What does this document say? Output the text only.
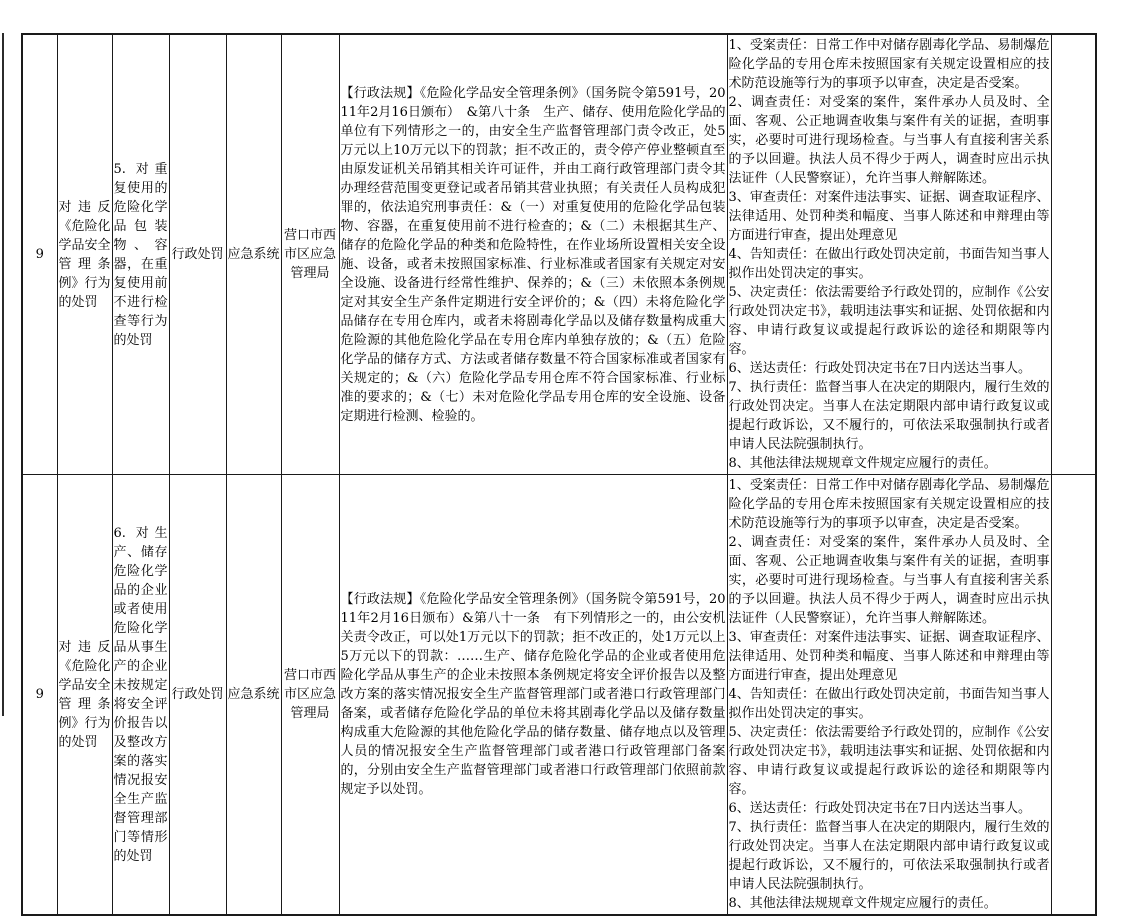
9	对违反《危险化学品安全管理条例》行为的处罚	5. 对重复使用的危险化学品包装物、容器，在重复使用前不进行检查等行为的处罚	行政处罚	应急系统	营口市西市区应急管理局	【行政法规】《危险化学品安全管理条例》（国务院令第591号，2011年2月16日颁布）　&第八十条　生产、储存、使用危险化学品的单位有下列情形之一的，由安全生产监督管理部门责令改正，处5万元以上10万元以下的罚款；拒不改正的，责令停产停业整顿直至由原发证机关吊销其相关许可证件，并由工商行政管理部门责令其办理经营范围变更登记或者吊销其营业执照；有关责任人员构成犯罪的，依法追究刑事责任：&（一）对重复使用的危险化学品包装物、容器，在重复使用前不进行检查的；&（二）未根据其生产、储存的危险化学品的种类和危险特性，在作业场所设置相关安全设施、设备，或者未按照国家标准、行业标准或者国家有关规定对安全设施、设备进行经常性维护、保养的；&（三）未依照本条例规定对其安全生产条件定期进行安全评价的；&（四）未将危险化学品储存在专用仓库内，或者未将剧毒化学品以及储存数量构成重大危险源的其他危险化学品在专用仓库内单独存放的；&（五）危险化学品的储存方式、方法或者储存数量不符合国家标准或者国家有关规定的；&（六）危险化学品专用仓库不符合国家标准、行业标准的要求的；&（七）未对危险化学品专用仓库的安全设施、设备定期进行检测、检验的。	
1、受案责任：日常工作中对储存剧毒化学品、易制爆危险化学品的专用仓库未按照国家有关规定设置相应的技术防范设施等行为的事项予以审查，决定是否受案。
2、调查责任：对受案的案件，案件承办人员及时、全面、客观、公正地调查收集与案件有关的证据，查明事实，必要时可进行现场检查。与当事人有直接利害关系的予以回避。执法人员不得少于两人，调查时应出示执法证件（人民警察证），允许当事人辩解陈述。
3、审查责任：对案件违法事实、证据、调查取证程序、法律适用、处罚种类和幅度、当事人陈述和申辩理由等方面进行审查，提出处理意见
4、告知责任：在做出行政处罚决定前，书面告知当事人拟作出处罚决定的事实。
5、决定责任：依法需要给予行政处罚的，应制作《公安行政处罚决定书》，载明违法事实和证据、处罚依据和内容、申请行政复议或提起行政诉讼的途径和期限等内容。
6、送达责任：行政处罚决定书在7日内送达当事人。
7、执行责任：监督当事人在决定的期限内，履行生效的行政处罚决定。当事人在法定期限内部申请行政复议或提起行政诉讼，又不履行的，可依法采取强制执行或者申请人民法院强制执行。
8、其他法律法规规章文件规定应履行的责任。

9	对违反《危险化学品安全管理条例》行为的处罚	6. 对生产、储存危险化学品的企业或者使用危险化学品从事生产的企业未按规定将安全评价报告以及整改方案的落实情况报安全生产监督管理部门等情形的处罚	行政处罚	应急系统	营口市西市区应急管理局	【行政法规】《危险化学品安全管理条例》（国务院令第591号，2011年2月16日颁布）&第八十一条　有下列情形之一的，由公安机关责令改正，可以处1万元以下的罚款；拒不改正的，处1万元以上5万元以下的罚款：……生产、储存危险化学品的企业或者使用危险化学品从事生产的企业未按照本条例规定将安全评价报告以及整改方案的落实情况报安全生产监督管理部门或者港口行政管理部门备案，或者储存危险化学品的单位未将其剧毒化学品以及储存数量构成重大危险源的其他危险化学品的储存数量、储存地点以及管理人员的情况报安全生产监督管理部门或者港口行政管理部门备案的，分别由安全生产监督管理部门或者港口行政管理部门依照前款规定予以处罚。	
1、受案责任：日常工作中对储存剧毒化学品、易制爆危险化学品的专用仓库未按照国家有关规定设置相应的技术防范设施等行为的事项予以审查，决定是否受案。
2、调查责任：对受案的案件，案件承办人员及时、全面、客观、公正地调查收集与案件有关的证据，查明事实，必要时可进行现场检查。与当事人有直接利害关系的予以回避。执法人员不得少于两人，调查时应出示执法证件（人民警察证），允许当事人辩解陈述。
3、审查责任：对案件违法事实、证据、调查取证程序、法律适用、处罚种类和幅度、当事人陈述和申辩理由等方面进行审查，提出处理意见
4、告知责任：在做出行政处罚决定前，书面告知当事人拟作出处罚决定的事实。
5、决定责任：依法需要给予行政处罚的，应制作《公安行政处罚决定书》，载明违法事实和证据、处罚依据和内容、申请行政复议或提起行政诉讼的途径和期限等内容。
6、送达责任：行政处罚决定书在7日内送达当事人。
7、执行责任：监督当事人在决定的期限内，履行生效的行政处罚决定。当事人在法定期限内部申请行政复议或提起行政诉讼，又不履行的，可依法采取强制执行或者申请人民法院强制执行。
8、其他法律法规规章文件规定应履行的责任。
